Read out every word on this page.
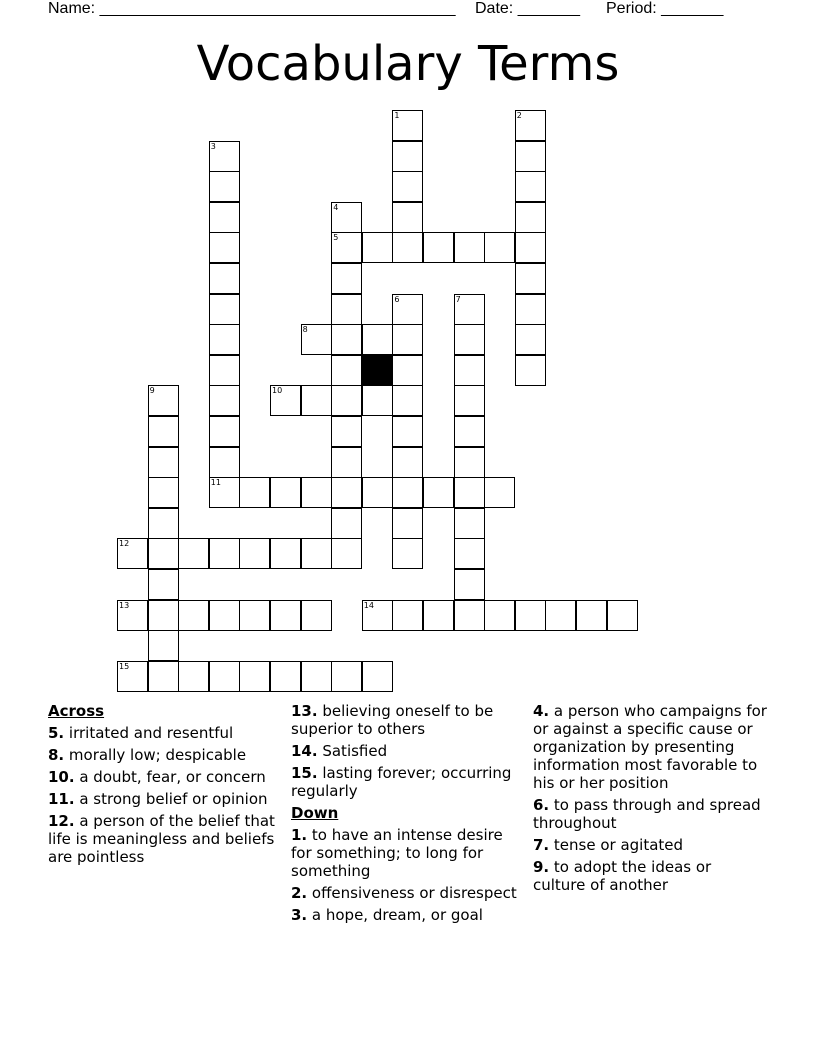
Name: ________________________________________ Date: _______ Period: _______
Vocabulary Terms
1	2
3
4
5
6	7
8
9	10
11
12
13	14
15
Across
5. irritated and resentful
8. morally low; despicable
10. a doubt, fear, or concern
11. a strong belief or opinion
12. a person of the belief that life is meaningless and beliefs are pointless
13. believing oneself to be superior to others
14. Satisfied
15. lasting forever; occurring regularly
Down
1. to have an intense desire for something; to long for something
2. offensiveness or disrespect
3. a hope, dream, or goal
4. a person who campaigns for or against a specific cause or organization by presenting information most favorable to his or her position
6. to pass through and spread throughout
7. tense or agitated
9. to adopt the ideas or culture of another
